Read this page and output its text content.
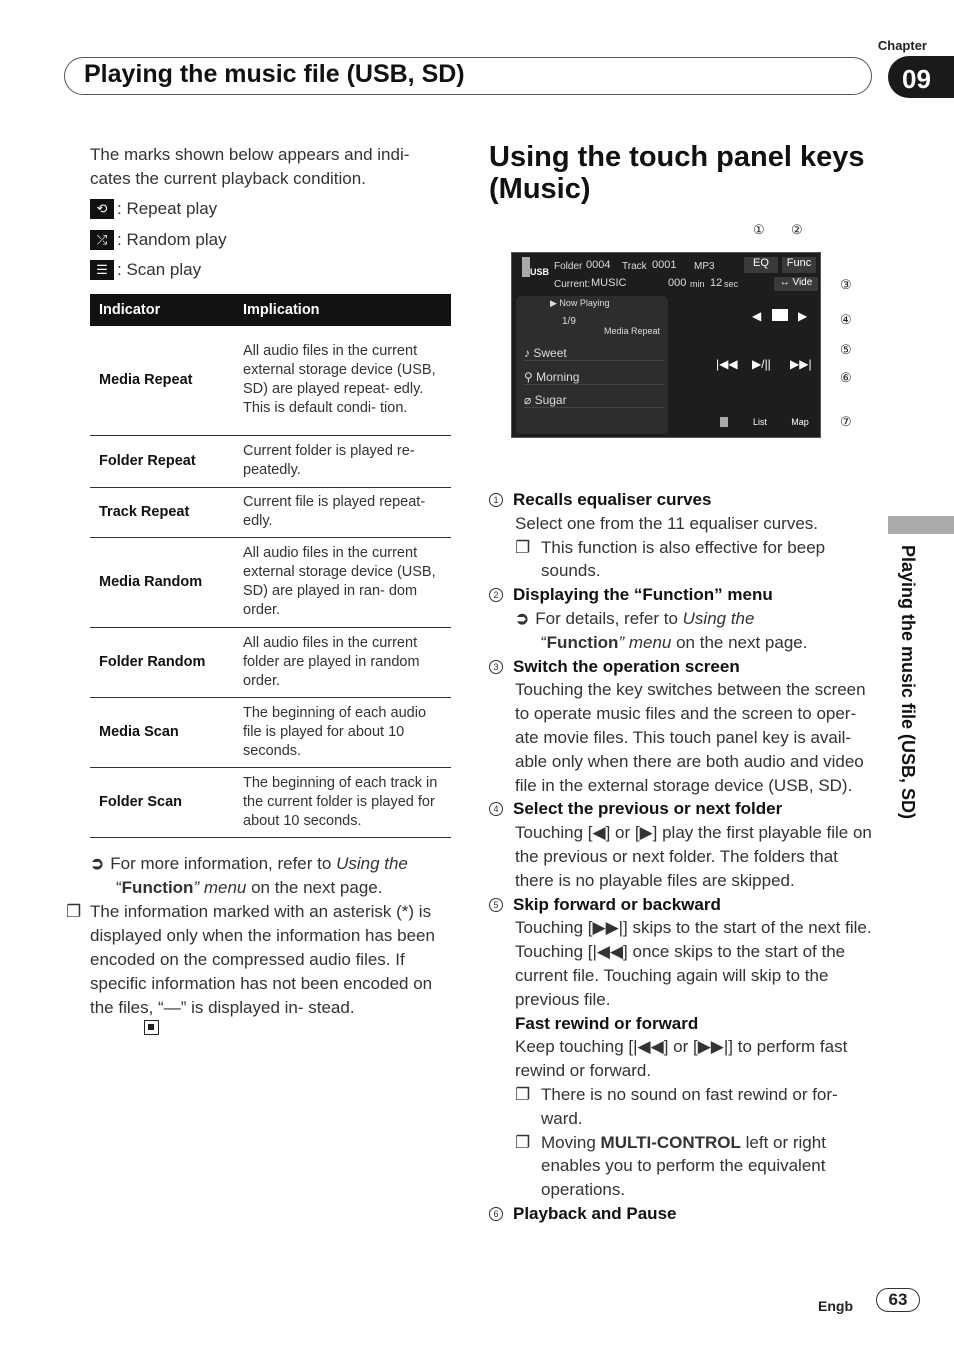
Chapter
09
Playing the music file (USB, SD)
The marks shown below appears and indi- cates the current playback condition.
⟲ : Repeat play
⤮ : Random play
☰ : Scan play
Indicator	Implication
Media Repeat	All audio files in the current external storage device (USB, SD) are played repeat- edly. This is default condi- tion.
Folder Repeat	Current folder is played re- peatedly.
Track Repeat	Current file is played repeat- edly.
Media Random	All audio files in the current external storage device (USB, SD) are played in ran- dom order.
Folder Random	All audio files in the current folder are played in random order.
Media Scan	The beginning of each audio file is played for about 10 seconds.
Folder Scan	The beginning of each track in the current folder is played for about 10 seconds.
➲ For more information, refer to Using the
“Function” menu on the next page.
❐ The information marked with an asterisk (*) is displayed only when the information has been encoded on the compressed audio files. If specific information has not been encoded on the files, “—” is displayed in- stead.
Using the touch panel keys (Music)
USB Folder 0004 Track 0001 MP3
Current: MUSIC	000 min 12 sec
EQ	Func
↔ Vide
▶ Now Playing
1/9
Media Repeat
♪ Sweet
⚲ Morning
⌀ Sugar
◀	▶
|◀◀ ▶/|| ▶▶|
List	Map
① ②
③
④
⑤
⑥
⑦
1 Recalls equaliser curves
Select one from the 11 equaliser curves.
❐ This function is also effective for beep sounds.
2 Displaying the “Function” menu
➲ For details, refer to Using the
“Function” menu on the next page.
3 Switch the operation screen
Touching the key switches between the screen to operate music files and the screen to oper- ate movie files. This touch panel key is avail- able only when there are both audio and video file in the external storage device (USB, SD).
4 Select the previous or next folder
Touching [◀] or [▶] play the first playable file on the previous or next folder. The folders that there is no playable files are skipped.
5 Skip forward or backward
Touching [▶▶|] skips to the start of the next file. Touching [|◀◀] once skips to the start of the current file. Touching again will skip to the previous file.
Fast rewind or forward
Keep touching [|◀◀] or [▶▶|] to perform fast rewind or forward.
❐ There is no sound on fast rewind or for- ward.
❐ Moving MULTI-CONTROL left or right enables you to perform the equivalent operations.
6 Playback and Pause
Playing the music file (USB, SD)
Engb	63
